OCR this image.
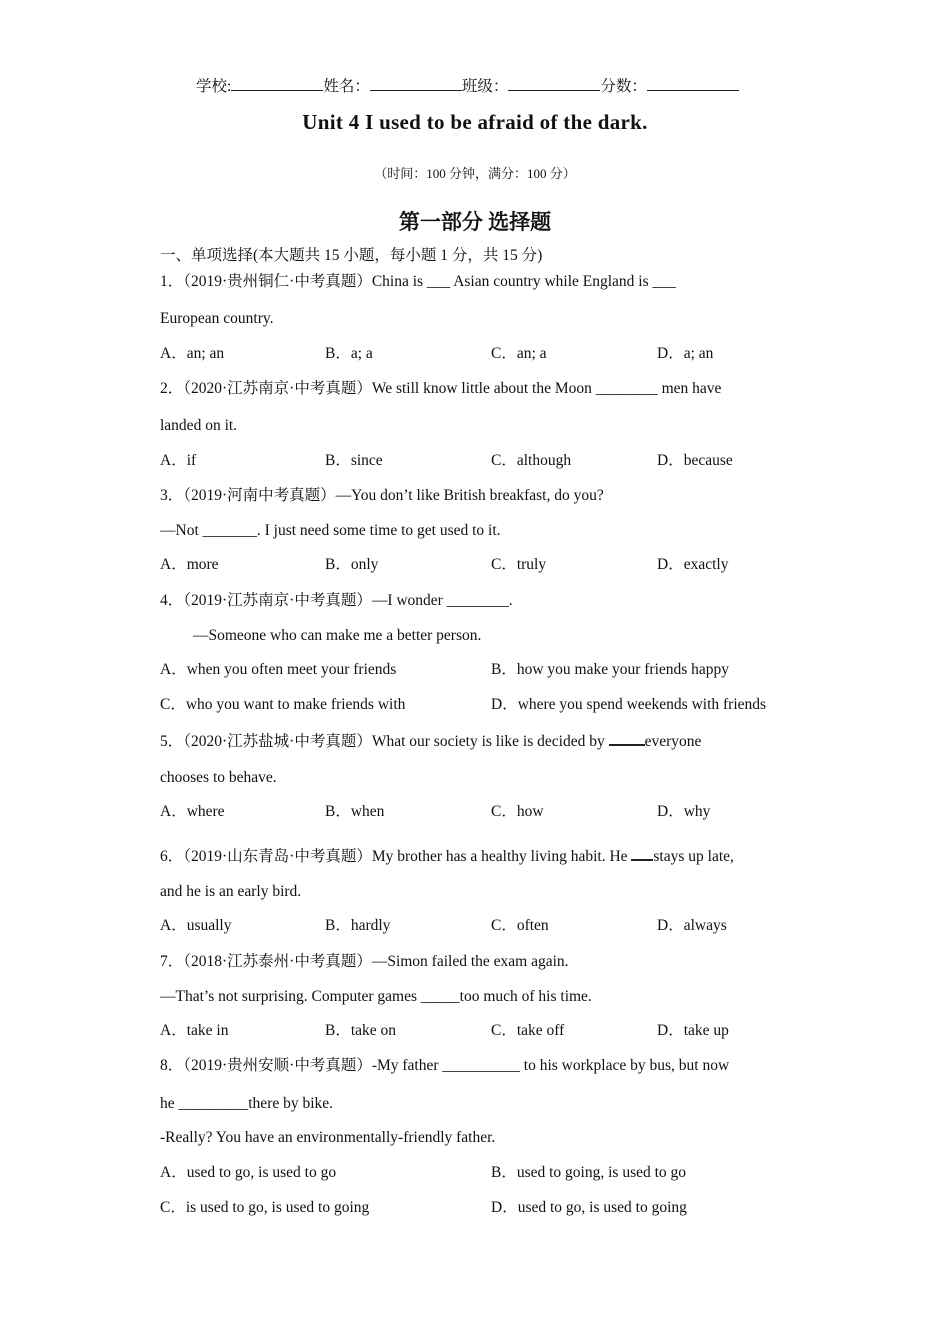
学校:	姓名：	班级：	分数：
Unit 4 I used to be afraid of the dark.
（时间：100 分钟，满分：100 分）
第一部分 选择题
一、单项选择(本大题共 15 小题，每小题 1 分，共 15 分)
1．（2019·贵州铜仁·中考真题）China is ___ Asian country while England is ___
European country.
A．an; an	B．a; a	C．an; a	D．a; an
2．（2020·江苏南京·中考真题）We still know little about the Moon ________ men have
landed on it.
A．if	B．since	C．although	D．because
3．（2019·河南中考真题）—You don’t like British breakfast, do you?
—Not _______. I just need some time to get used to it.
A．more	B．only	C．truly	D．exactly
4．（2019·江苏南京·中考真题）—I wonder ________.
—Someone who can make me a better person.
A．when you often meet your friends	B．how you make your friends happy
C．who you want to make friends with	D．where you spend weekends with friends
5．（2020·江苏盐城·中考真题）What our society is like is decided by everyone
chooses to behave.
A．where	B．when	C．how	D．why
6．（2019·山东青岛·中考真题）My brother has a healthy living habit. He stays up late,
and he is an early bird.
A．usually	B．hardly	C．often	D．always
7．（2018·江苏泰州·中考真题）—Simon failed the exam again.
—That’s not surprising. Computer games _____too much of his time.
A．take in	B．take on	C．take off	D．take up
8．（2019·贵州安顺·中考真题）-My father __________ to his workplace by bus, but now
he _________there by bike.
-Really? You have an environmentally-friendly father.
A．used to go, is used to go	B．used to going, is used to go
C．is used to go, is used to going	D．used to go, is used to going
